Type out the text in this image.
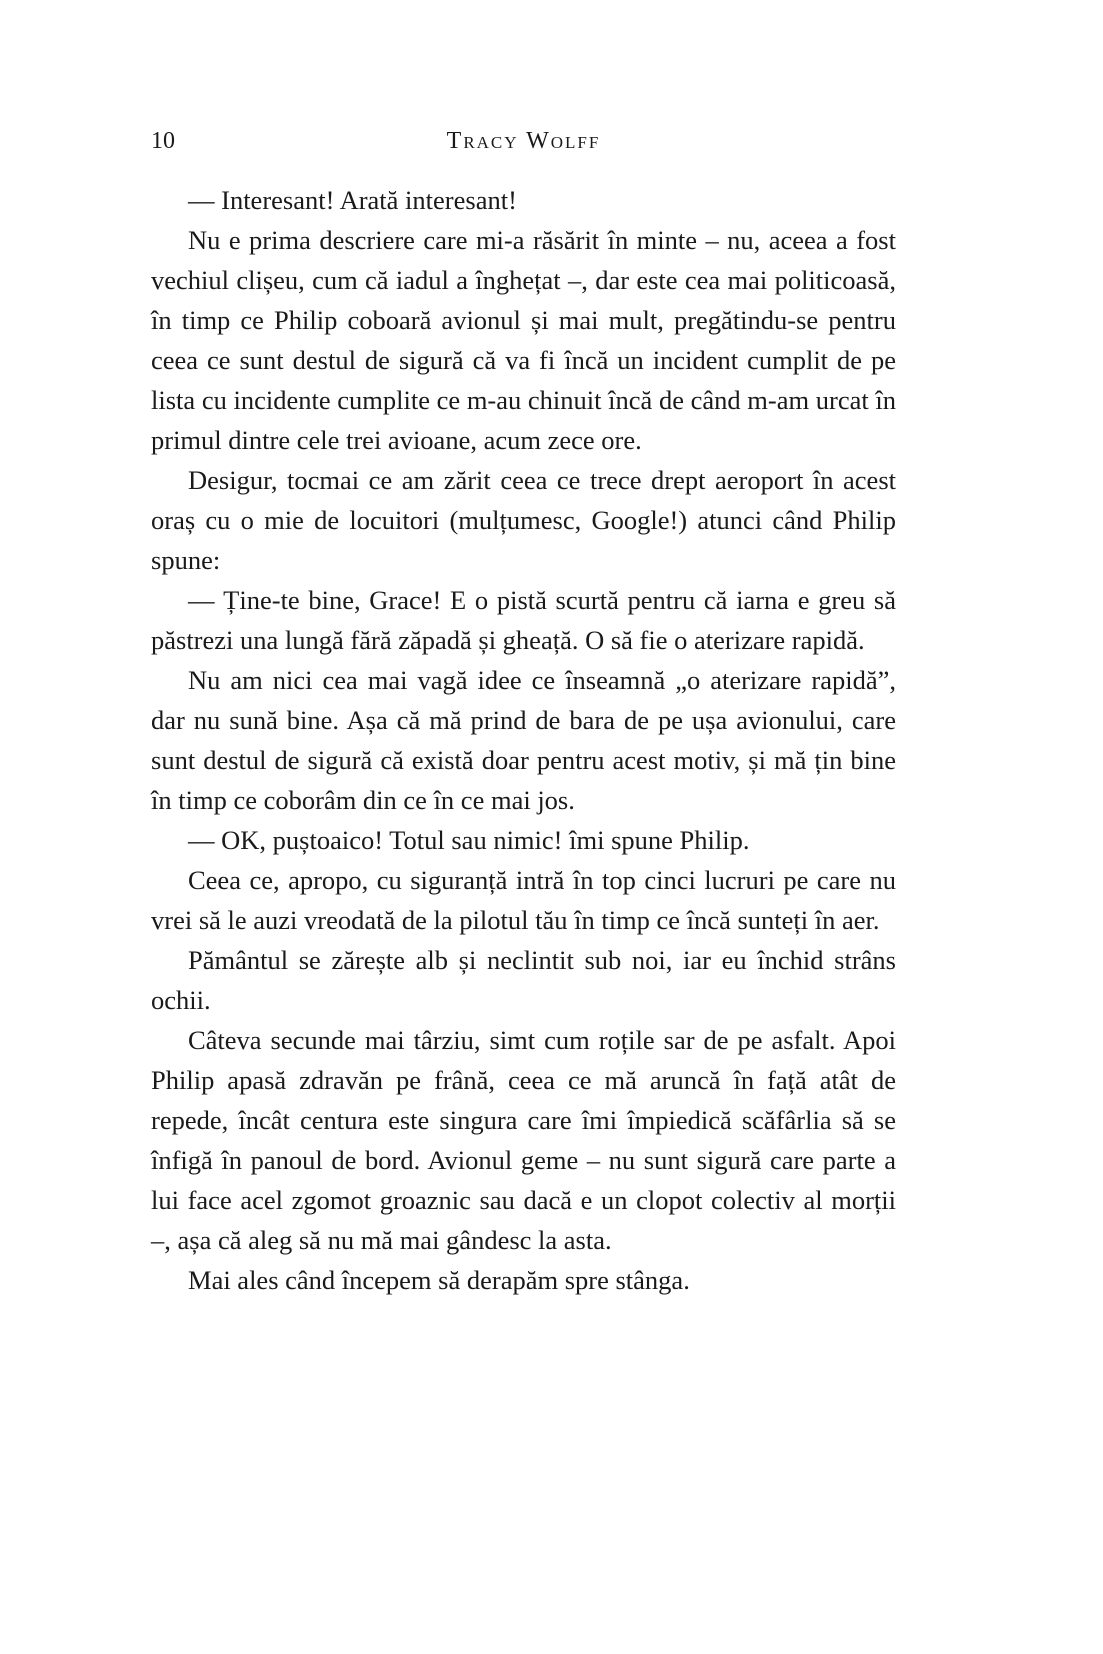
10	Tracy Wolff

— Interesant! Arată interesant!

Nu e prima descriere care mi-a răsărit în minte – nu, aceea a fost vechiul clișeu, cum că iadul a înghețat –, dar este cea mai politicoasă, în timp ce Philip coboară avionul și mai mult, pregătindu-se pentru ceea ce sunt destul de sigură că va fi încă un incident cumplit de pe lista cu incidente cumplite ce m-au chinuit încă de când m-am urcat în primul dintre cele trei avioane, acum zece ore.

Desigur, tocmai ce am zărit ceea ce trece drept aeroport în acest oraș cu o mie de locuitori (mulțumesc, Google!) atunci când Philip spune:

— Ține-te bine, Grace! E o pistă scurtă pentru că iarna e greu să păstrezi una lungă fără zăpadă și gheață. O să fie o aterizare rapidă.

Nu am nici cea mai vagă idee ce înseamnă „o aterizare rapidă”, dar nu sună bine. Așa că mă prind de bara de pe ușa avionului, care sunt destul de sigură că există doar pentru acest motiv, și mă țin bine în timp ce coborâm din ce în ce mai jos.

— OK, puștoaico! Totul sau nimic! îmi spune Philip.

Ceea ce, apropo, cu siguranță intră în top cinci lucruri pe care nu vrei să le auzi vreodată de la pilotul tău în timp ce încă sunteți în aer.

Pământul se zărește alb și neclintit sub noi, iar eu închid strâns ochii.

Câteva secunde mai târziu, simt cum roțile sar de pe asfalt. Apoi Philip apasă zdravăn pe frână, ceea ce mă aruncă în față atât de repede, încât centura este singura care îmi împiedică scăfârlia să se înfigă în panoul de bord. Avionul geme – nu sunt sigură care parte a lui face acel zgomot groaznic sau dacă e un clopot colectiv al morții –, așa că aleg să nu mă mai gândesc la asta.

Mai ales când începem să derapăm spre stânga.
